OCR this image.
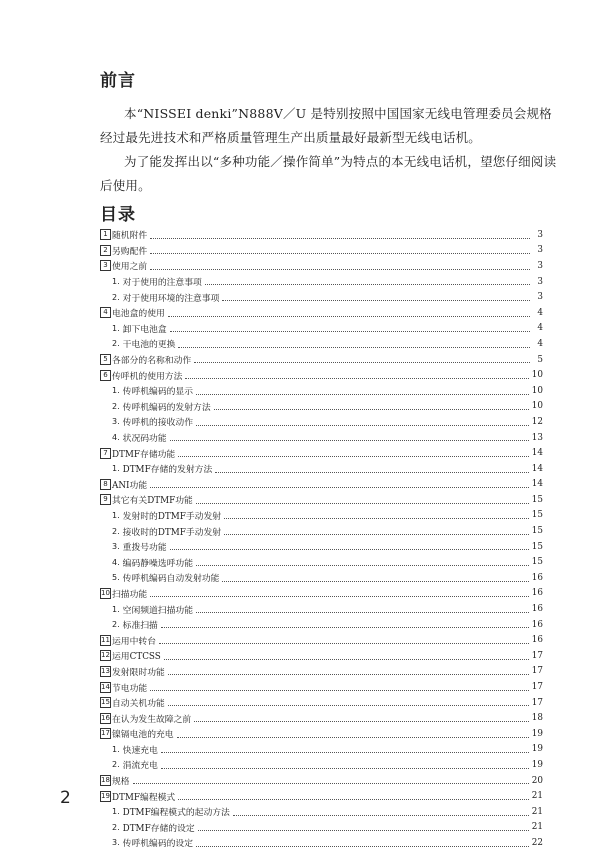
前言

本“NISSEI denki”N888V／U 是特别按照中国国家无线电管理委员会规格经过最先进技术和严格质量管理生产出质量最好最新型无线电话机。

为了能发挥出以“多种功能／操作简单”为特点的本无线电话机，望您仔细阅读后使用。

目录
1 随机附件	3
2 另购配件	3
3 使用之前	3
1. 对于使用的注意事项	3
2. 对于使用环境的注意事项	3
4 电池盒的使用	4
1. 卸下电池盒	4
2. 干电池的更换	4
5 各部分的名称和动作	5
6 传呼机的使用方法	10
1. 传呼机编码的显示	10
2. 传呼机编码的发射方法	10
3. 传呼机的接收动作	12
4. 状况码功能	13
7 DTMF存储功能	14
1. DTMF存储的发射方法	14
8 ANI功能	14
9 其它有关DTMF功能	15
1. 发射时的DTMF手动发射	15
2. 接收时的DTMF手动发射	15
3. 重拨号功能	15
4. 编码静噪选呼功能	15
5. 传呼机编码自动发射功能	16
10 扫描功能	16
1. 空闲频道扫描功能	16
2. 标准扫描	16
11 运用中转台	16
12 运用CTCSS	17
13 发射限时功能	17
14 节电功能	17
15 自动关机功能	17
16 在认为发生故障之前	18
17 镍镉电池的充电	19
1. 快速充电	19
2. 涓流充电	19
18 规格	20
19 DTMF编程模式	21
1. DTMF编程模式的起动方法	21
2. DTMF存储的设定	21
3. 传呼机编码的设定	22
2
